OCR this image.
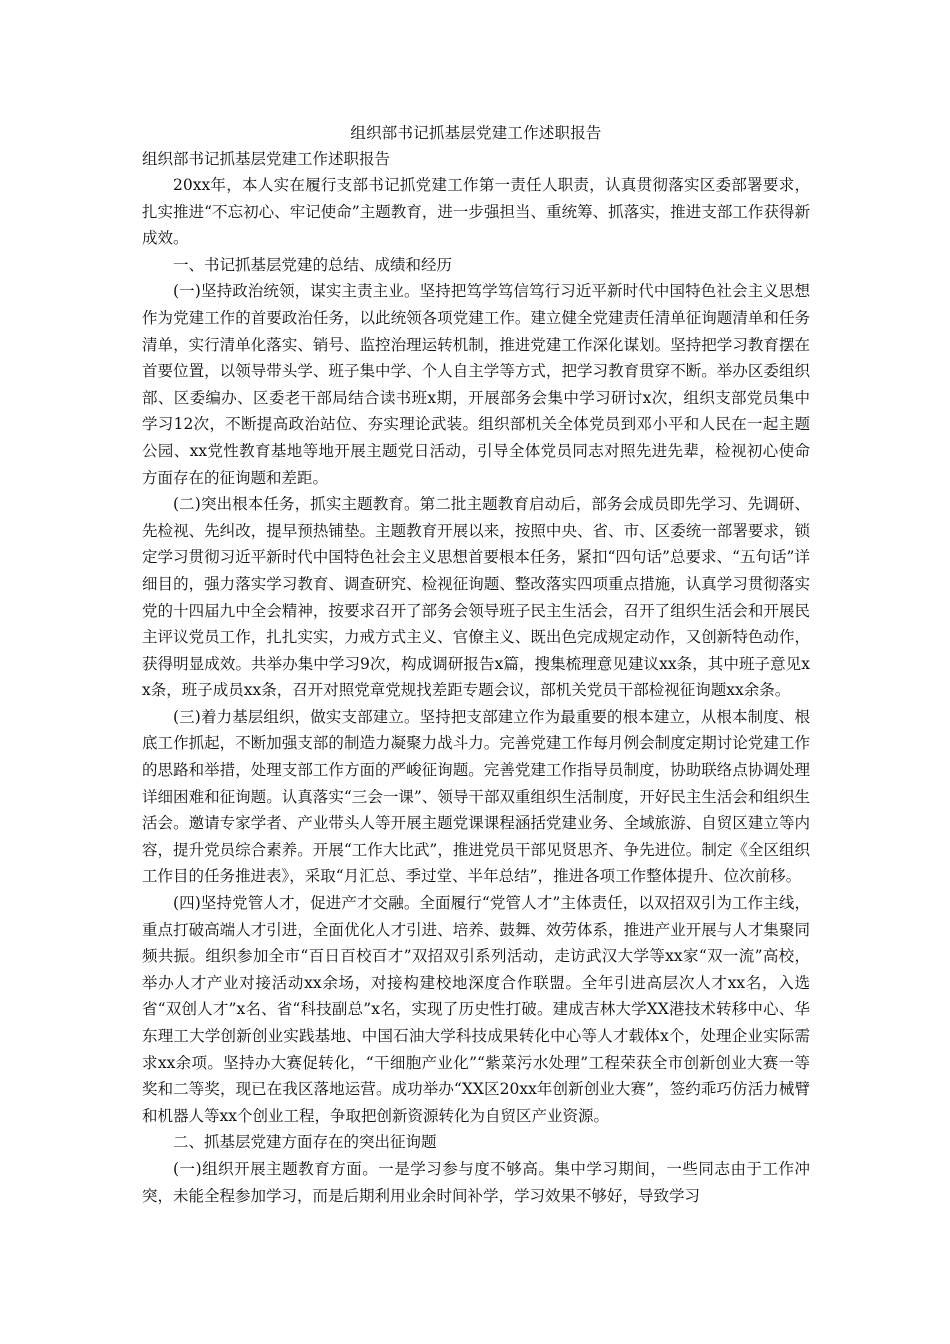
组织部书记抓基层党建工作述职报告

组织部书记抓基层党建工作述职报告

20xx年，本人实在履行支部书记抓党建工作第一责任人职责，认真贯彻落实区委部署要求，扎实推进“不忘初心、牢记使命”主题教育，进一步强担当、重统筹、抓落实，推进支部工作获得新成效。

一、书记抓基层党建的总结、成绩和经历

(一)坚持政治统领，谋实主责主业。坚持把笃学笃信笃行习近平新时代中国特色社会主义思想作为党建工作的首要政治任务，以此统领各项党建工作。建立健全党建责任清单征询题清单和任务清单，实行清单化落实、销号、监控治理运转机制，推进党建工作深化谋划。坚持把学习教育摆在首要位置，以领导带头学、班子集中学、个人自主学等方式，把学习教育贯穿不断。举办区委组织部、区委编办、区委老干部局结合读书班x期，开展部务会集中学习研讨x次，组织支部党员集中学习12次，不断提高政治站位、夯实理论武装。组织部机关全体党员到邓小平和人民在一起主题公园、xx党性教育基地等地开展主题党日活动，引导全体党员同志对照先进先辈，检视初心使命方面存在的征询题和差距。

(二)突出根本任务，抓实主题教育。第二批主题教育启动后，部务会成员即先学习、先调研、先检视、先纠改，提早预热铺垫。主题教育开展以来，按照中央、省、市、区委统一部署要求，锁定学习贯彻习近平新时代中国特色社会主义思想首要根本任务，紧扣“四句话”总要求、“五句话”详细目的，强力落实学习教育、调查研究、检视征询题、整改落实四项重点措施，认真学习贯彻落实党的十四届九中全会精神，按要求召开了部务会领导班子民主生活会，召开了组织生活会和开展民主评议党员工作，扎扎实实，力戒方式主义、官僚主义、既出色完成规定动作，又创新特色动作，获得明显成效。共举办集中学习9次，构成调研报告x篇，搜集梳理意见建议xx条，其中班子意见xx条，班子成员xx条，召开对照党章党规找差距专题会议，部机关党员干部检视征询题xx余条。

(三)着力基层组织，做实支部建立。坚持把支部建立作为最重要的根本建立，从根本制度、根底工作抓起，不断加强支部的制造力凝聚力战斗力。完善党建工作每月例会制度定期讨论党建工作的思路和举措，处理支部工作方面的严峻征询题。完善党建工作指导员制度，协助联络点协调处理详细困难和征询题。认真落实“三会一课”、领导干部双重组织生活制度，开好民主生活会和组织生活会。邀请专家学者、产业带头人等开展主题党课课程涵括党建业务、全域旅游、自贸区建立等内容，提升党员综合素养。开展“工作大比武”，推进党员干部见贤思齐、争先进位。制定《全区组织工作目的任务推进表》，采取“月汇总、季过堂、半年总结”，推进各项工作整体提升、位次前移。

(四)坚持党管人才，促进产才交融。全面履行“党管人才”主体责任，以双招双引为工作主线，重点打破高端人才引进，全面优化人才引进、培养、鼓舞、效劳体系，推进产业开展与人才集聚同频共振。组织参加全市“百日百校百才”双招双引系列活动，走访武汉大学等xx家“双一流”高校，举办人才产业对接活动xx余场，对接构建校地深度合作联盟。全年引进高层次人才xx名，入选省“双创人才”x名、省“科技副总”x名，实现了历史性打破。建成吉林大学XX港技术转移中心、华东理工大学创新创业实践基地、中国石油大学科技成果转化中心等人才载体x个，处理企业实际需求xx余项。坚持办大赛促转化，“干细胞产业化”“紫菜污水处理”工程荣获全市创新创业大赛一等奖和二等奖，现已在我区落地运营。成功举办“XX区20xx年创新创业大赛”，签约乖巧仿活力械臂和机器人等xx个创业工程，争取把创新资源转化为自贸区产业资源。

二、抓基层党建方面存在的突出征询题

(一)组织开展主题教育方面。一是学习参与度不够高。集中学习期间，一些同志由于工作冲突，未能全程参加学习，而是后期利用业余时间补学，学习效果不够好，导致学习
